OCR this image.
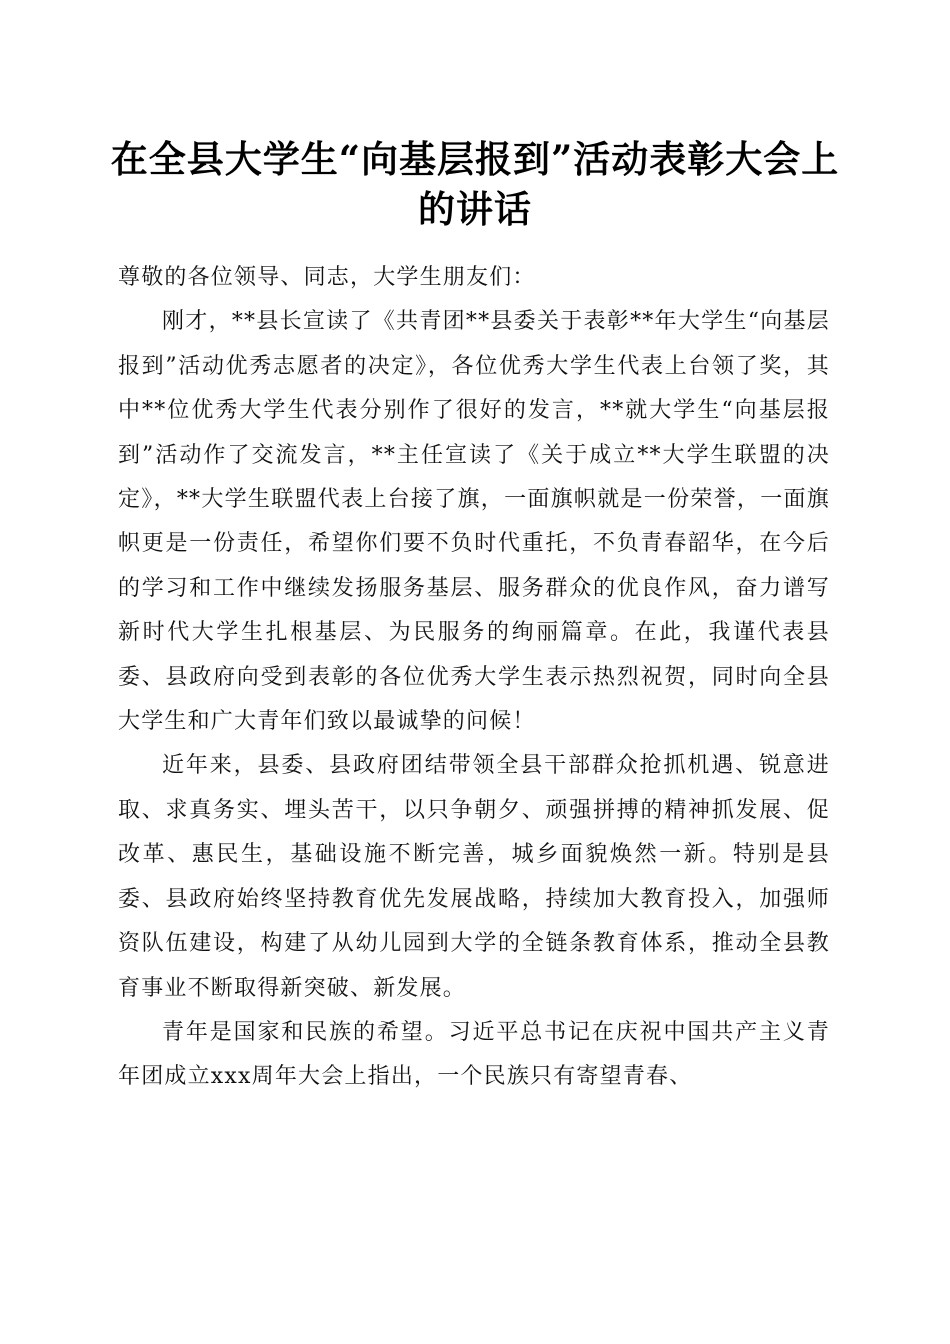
在全县大学生“向基层报到”活动表彰大会上的讲话

尊敬的各位领导、同志，大学生朋友们：

刚才，**县长宣读了《共青团**县委关于表彰**年大学生“向基层报到”活动优秀志愿者的决定》，各位优秀大学生代表上台领了奖，其中**位优秀大学生代表分别作了很好的发言，**就大学生“向基层报到”活动作了交流发言，**主任宣读了《关于成立**大学生联盟的决定》，**大学生联盟代表上台接了旗，一面旗帜就是一份荣誉，一面旗帜更是一份责任，希望你们要不负时代重托，不负青春韶华，在今后的学习和工作中继续发扬服务基层、服务群众的优良作风，奋力谱写新时代大学生扎根基层、为民服务的绚丽篇章。在此，我谨代表县委、县政府向受到表彰的各位优秀大学生表示热烈祝贺，同时向全县大学生和广大青年们致以最诚挚的问候！

近年来，县委、县政府团结带领全县干部群众抢抓机遇、锐意进取、求真务实、埋头苦干，以只争朝夕、顽强拼搏的精神抓发展、促改革、惠民生，基础设施不断完善，城乡面貌焕然一新。特别是县委、县政府始终坚持教育优先发展战略，持续加大教育投入，加强师资队伍建设，构建了从幼儿园到大学的全链条教育体系，推动全县教育事业不断取得新突破、新发展。

青年是国家和民族的希望。习近平总书记在庆祝中国共产主义青年团成立xxx周年大会上指出，一个民族只有寄望青春、
